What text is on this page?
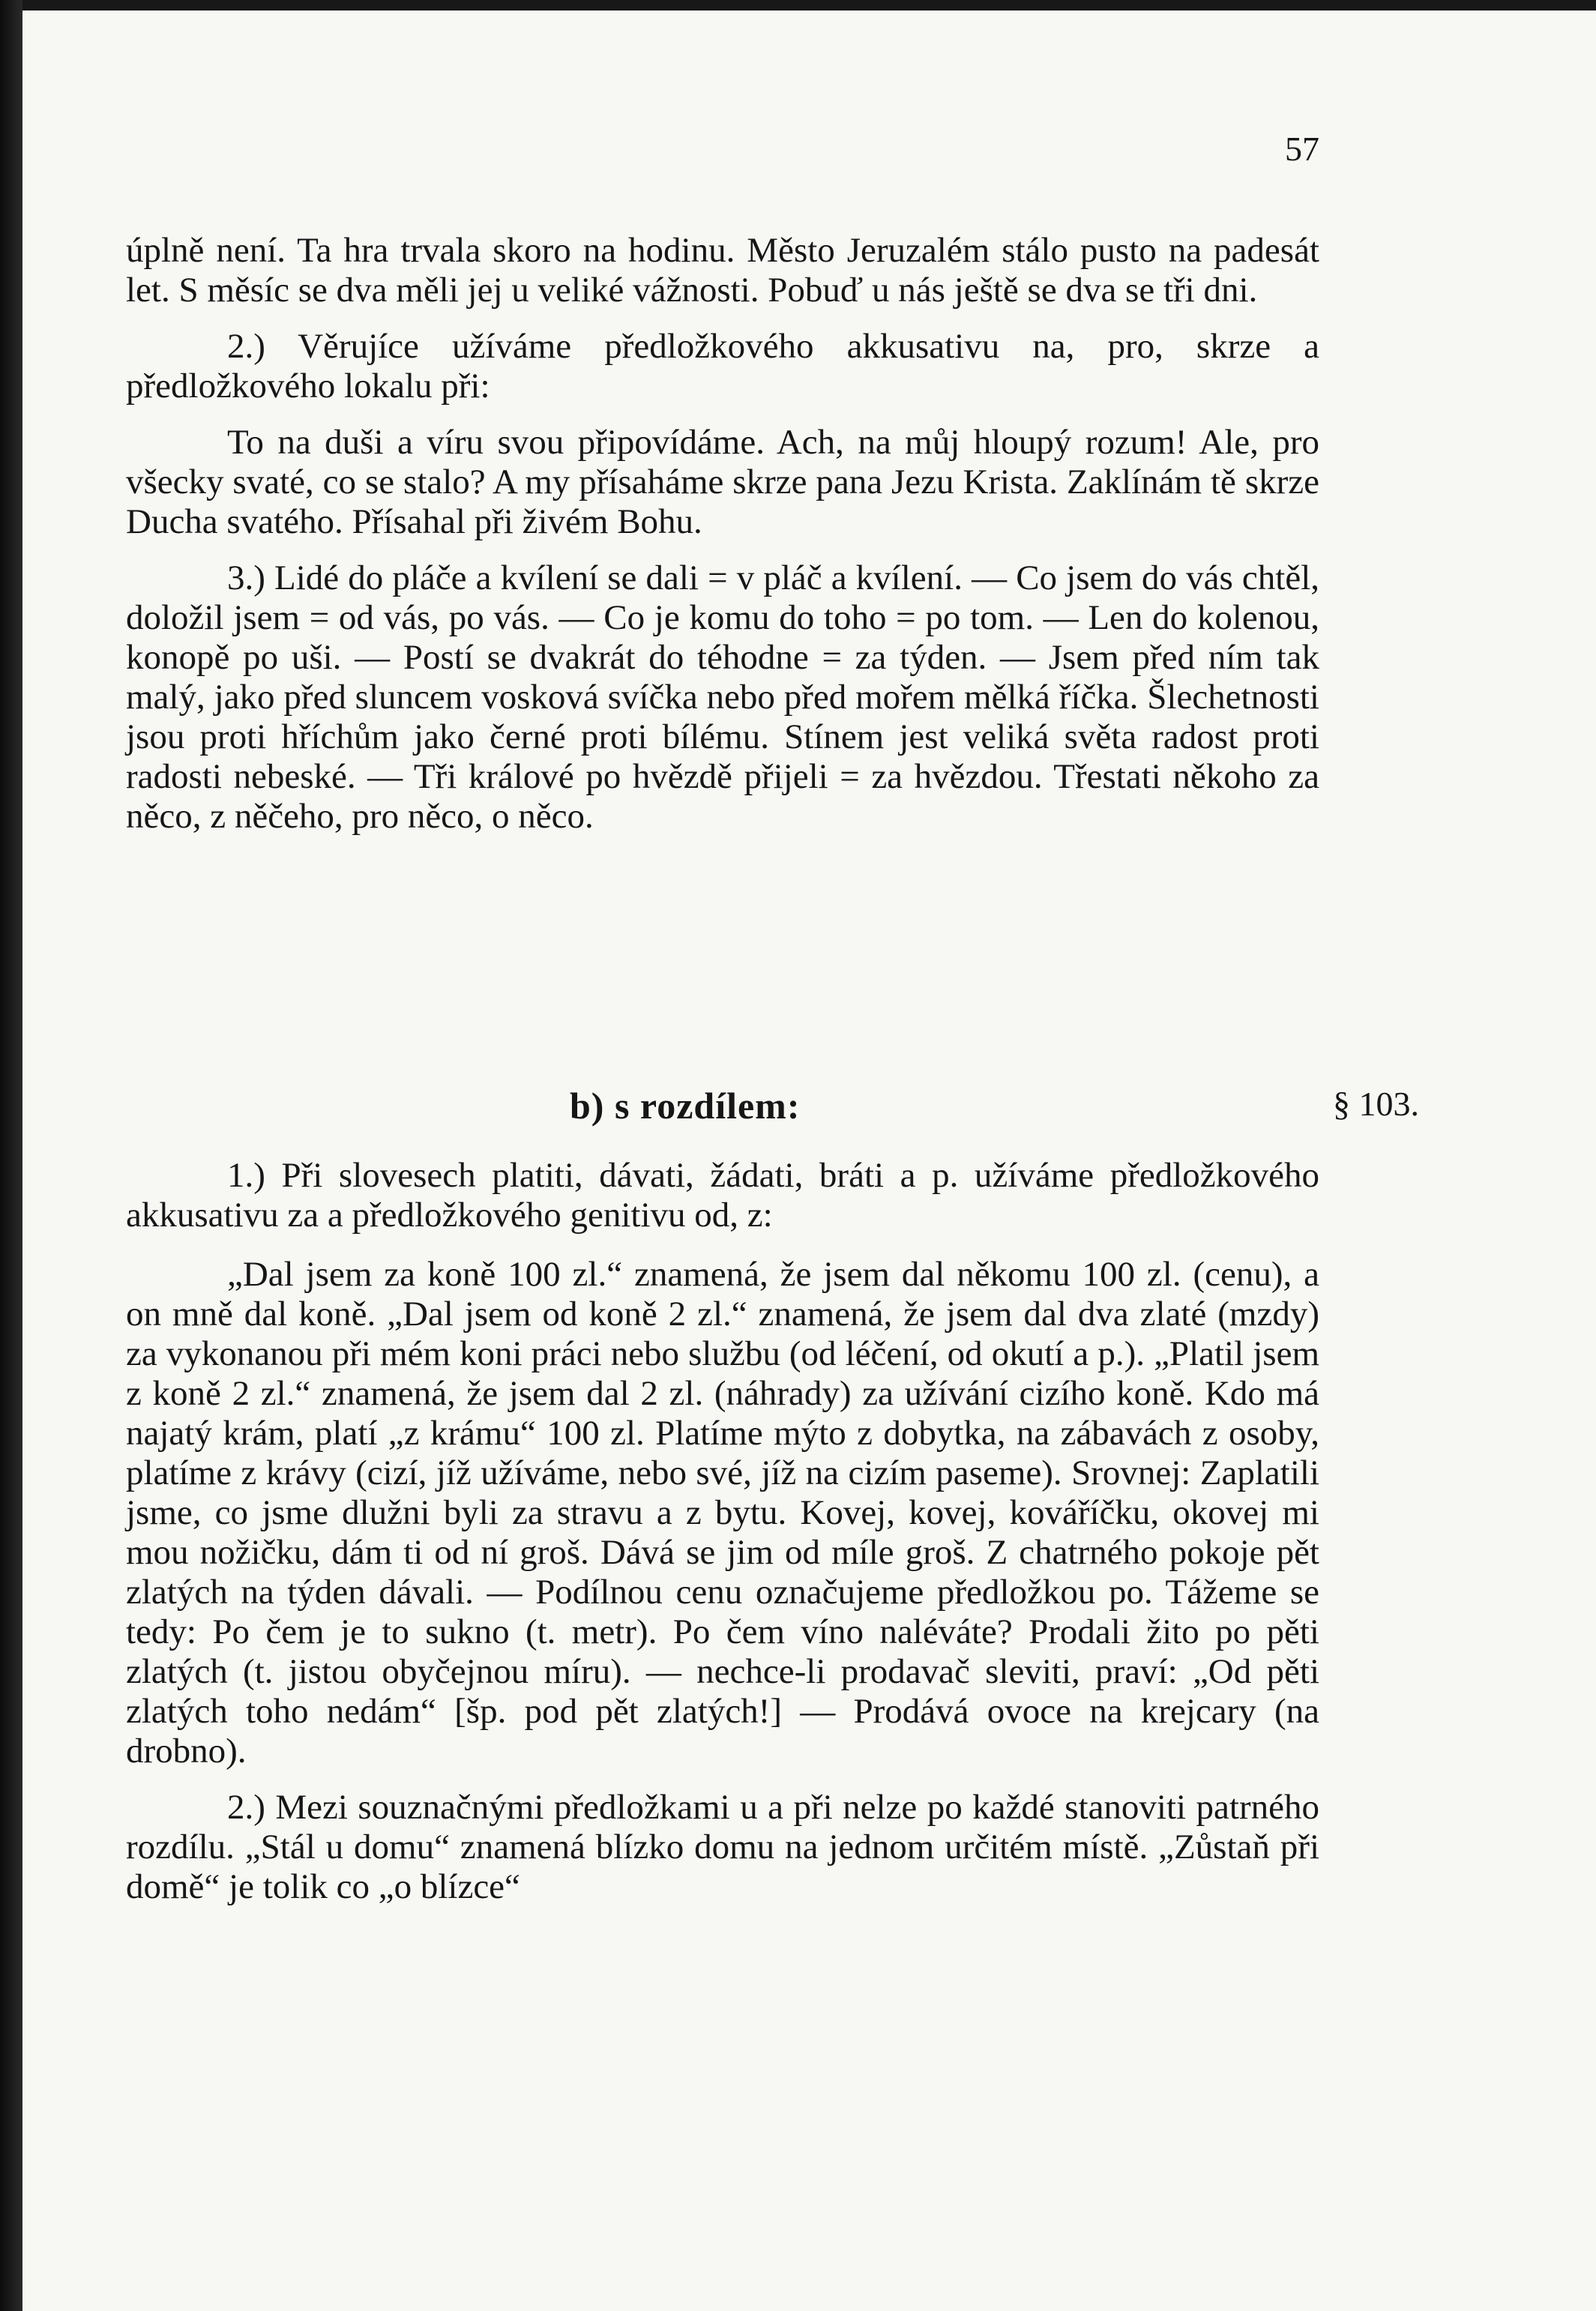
57

úplně není. Ta hra trvala skoro na hodinu. Město Jeruzalém stálo pusto na padesát let. S měsíc se dva měli jej u veliké vážnosti. Pobuď u nás ještě se dva se tři dni.

2.) Věrujíce užíváme předložkového akkusativu na, pro, skrze a předložkového lokalu při:

To na duši a víru svou připovídáme. Ach, na můj hloupý rozum! Ale, pro všecky svaté, co se stalo? A my přísaháme skrze pana Jezu Krista. Zaklínám tě skrze Ducha svatého. Přísahal při živém Bohu.

3.) Lidé do pláče a kvílení se dali = v pláč a kvílení. — Co jsem do vás chtěl, doložil jsem = od vás, po vás. — Co je komu do toho = po tom. — Len do kolenou, konopě po uši. — Postí se dvakrát do téhodne = za týden. — Jsem před ním tak malý, jako před sluncem vosková svíčka nebo před mořem mělká říčka. Šlechetnosti jsou proti hříchům jako černé proti bílému. Stínem jest veliká světa radost proti radosti nebeské. — Tři králové po hvězdě přijeli = za hvězdou. Třestati někoho za něco, z něčeho, pro něco, o něco.

b) s rozdílem:	§ 103.

1.) Při slovesech platiti, dávati, žádati, bráti a p. užíváme předložkového akkusativu za a předložkového genitivu od, z:

„Dal jsem za koně 100 zl.“ znamená, že jsem dal někomu 100 zl. (cenu), a on mně dal koně. „Dal jsem od koně 2 zl.“ znamená, že jsem dal dva zlaté (mzdy) za vykonanou při mém koni práci nebo službu (od léčení, od okutí a p.). „Platil jsem z koně 2 zl.“ znamená, že jsem dal 2 zl. (náhrady) za užívání cizího koně. Kdo má najatý krám, platí „z krámu“ 100 zl. Platíme mýto z dobytka, na zábavách z osoby, platíme z krávy (cizí, jíž užíváme, nebo své, jíž na cizím paseme). Srovnej: Zaplatili jsme, co jsme dlužni byli za stravu a z bytu. Kovej, kovej, kováříčku, okovej mi mou nožičku, dám ti od ní groš. Dává se jim od míle groš. Z chatrného pokoje pět zlatých na týden dávali. — Podílnou cenu označujeme předložkou po. Tážeme se tedy: Po čem je to sukno (t. metr). Po čem víno naléváte? Prodali žito po pěti zlatých (t. jistou obyčejnou míru). — nechce-li prodavač sleviti, praví: „Od pěti zlatých toho nedám“ [šp. pod pět zlatých!] — Prodává ovoce na krejcary (na drobno).

2.) Mezi souznačnými předložkami u a při nelze po každé stanoviti patrného rozdílu. „Stál u domu“ znamená blízko domu na jednom určitém místě. „Zůstaň při domě“ je tolik co „o blízce“
